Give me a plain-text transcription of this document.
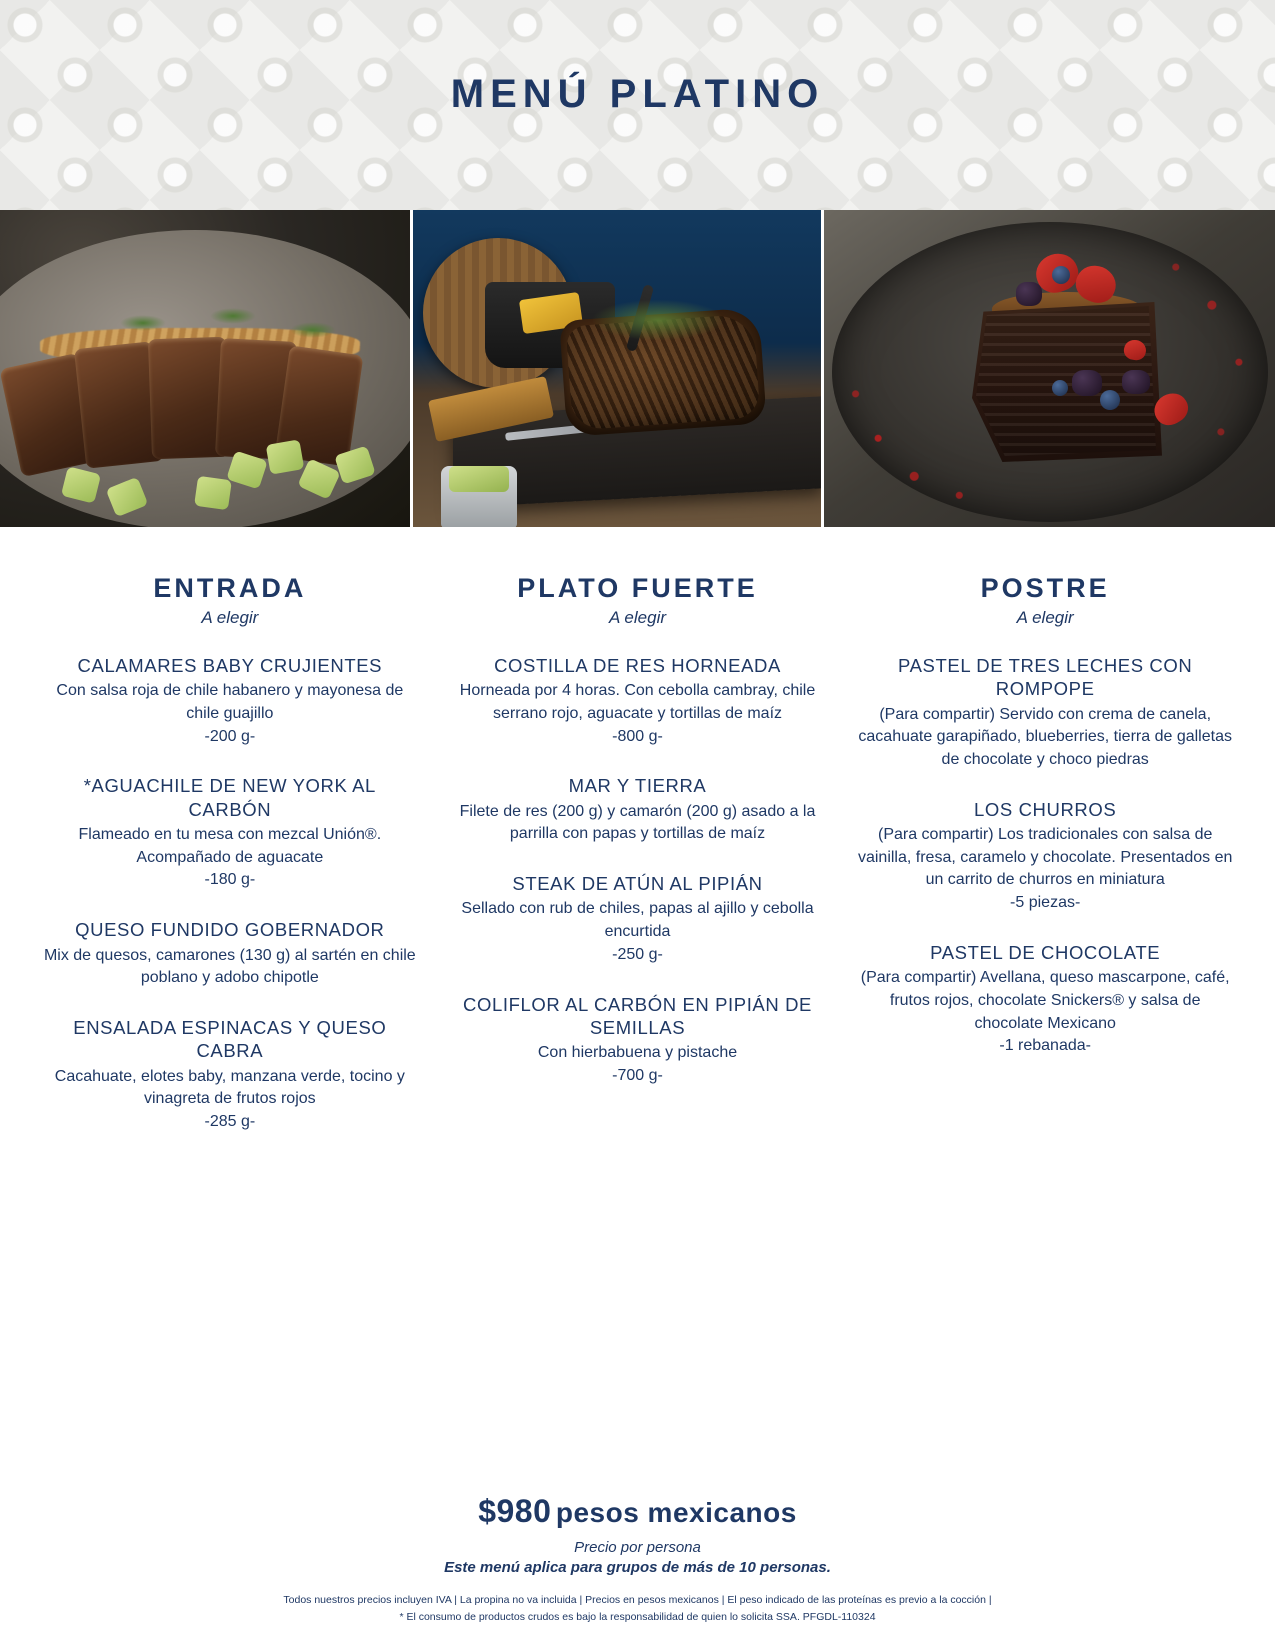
MENÚ PLATINO
ENTRADA
A elegir
CALAMARES BABY CRUJIENTES
Con salsa roja de chile habanero y mayonesa de chile guajillo
-200 g-
*AGUACHILE DE NEW YORK AL CARBÓN
Flameado en tu mesa con mezcal Unión®. Acompañado de aguacate
-180 g-
QUESO FUNDIDO GOBERNADOR
Mix de quesos, camarones (130 g) al sartén en chile poblano y adobo chipotle
ENSALADA ESPINACAS Y QUESO CABRA
Cacahuate, elotes baby, manzana verde, tocino y vinagreta de frutos rojos
-285 g-
PLATO FUERTE
A elegir
COSTILLA DE RES HORNEADA
Horneada por 4 horas. Con cebolla cambray, chile serrano rojo, aguacate y tortillas de maíz
-800 g-
MAR Y TIERRA
Filete de res (200 g) y camarón (200 g) asado a la parrilla con papas y tortillas de maíz
STEAK DE ATÚN AL PIPIÁN
Sellado con rub de chiles, papas al ajillo y cebolla encurtida
-250 g-
COLIFLOR AL CARBÓN EN PIPIÁN DE SEMILLAS
Con hierbabuena y pistache
-700 g-
POSTRE
A elegir
PASTEL DE TRES LECHES CON ROMPOPE
(Para compartir) Servido con crema de canela, cacahuate garapiñado, blueberries, tierra de galletas de chocolate y choco piedras
LOS CHURROS
(Para compartir) Los tradicionales con salsa de vainilla, fresa, caramelo y chocolate. Presentados en un carrito de churros en miniatura
-5 piezas-
PASTEL DE CHOCOLATE
(Para compartir) Avellana, queso mascarpone, café, frutos rojos, chocolate Snickers® y salsa de chocolate Mexicano
-1 rebanada-
$980 pesos mexicanos
Precio por persona
Este menú aplica para grupos de más de 10 personas.
Todos nuestros precios incluyen IVA | La propina no va incluida | Precios en pesos mexicanos | El peso indicado de las proteínas es previo a la cocción |
* El consumo de productos crudos es bajo la responsabilidad de quien lo solicita SSA. PFGDL-110324
